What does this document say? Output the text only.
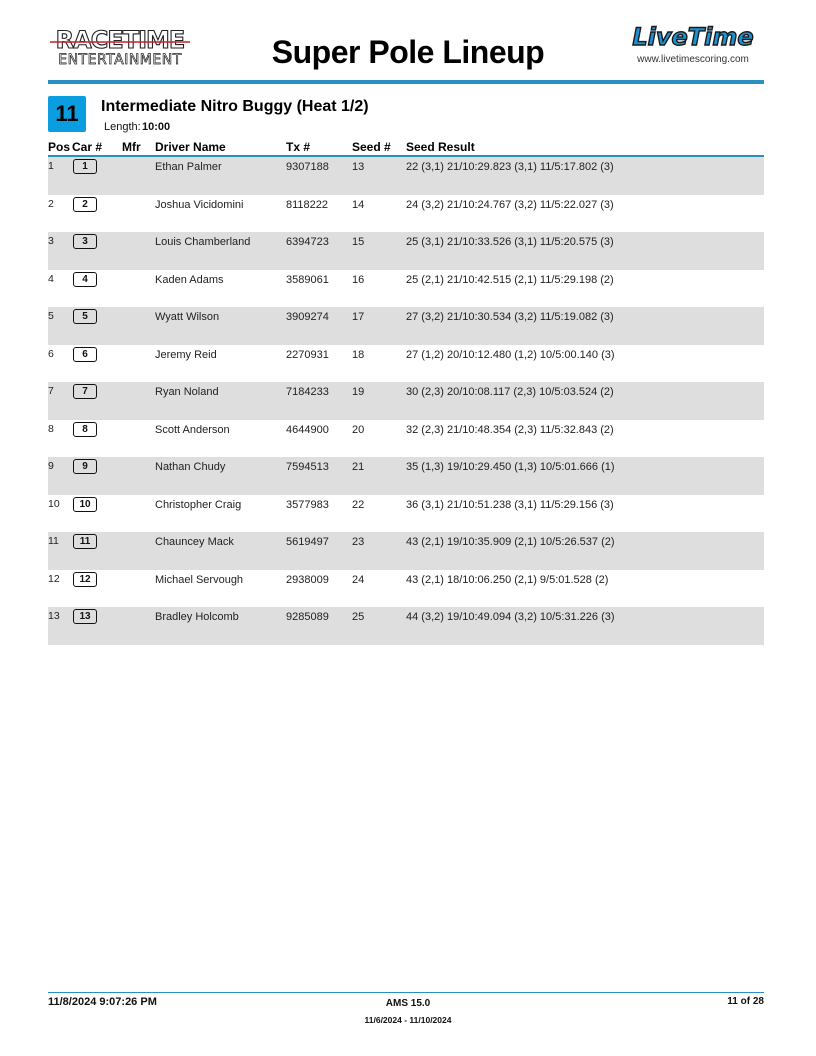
RACETIME
ENTERTAINMENT	Super Pole Lineup	LiveTime
www.livetimescoring.com
11	Intermediate Nitro Buggy (Heat 1/2)
Length: 10:00
Pos Car # Mfr Driver Name	Tx #	Seed # Seed Result
1	1	Ethan Palmer	9307188 13	22 (3,1) 21/10:29.823 (3,1) 11/5:17.802 (3)
2	2	Joshua Vicidomini	8118222 14	24 (3,2) 21/10:24.767 (3,2) 11/5:22.027 (3)
3	3	Louis Chamberland	6394723 15	25 (3,1) 21/10:33.526 (3,1) 11/5:20.575 (3)
4	4	Kaden Adams	3589061 16	25 (2,1) 21/10:42.515 (2,1) 11/5:29.198 (2)
5	5	Wyatt Wilson	3909274 17	27 (3,2) 21/10:30.534 (3,2) 11/5:19.082 (3)
6	6	Jeremy Reid	2270931 18	27 (1,2) 20/10:12.480 (1,2) 10/5:00.140 (3)
7	7	Ryan Noland	7184233 19	30 (2,3) 20/10:08.117 (2,3) 10/5:03.524 (2)
8	8	Scott Anderson	4644900 20	32 (2,3) 21/10:48.354 (2,3) 11/5:32.843 (2)
9	9	Nathan Chudy	7594513 21	35 (1,3) 19/10:29.450 (1,3) 10/5:01.666 (1)
10	10	Christopher Craig	3577983 22	36 (3,1) 21/10:51.238 (3,1) 11/5:29.156 (3)
11	11	Chauncey Mack	5619497 23	43 (2,1) 19/10:35.909 (2,1) 10/5:26.537 (2)
12	12	Michael Servough	2938009 24	43 (2,1) 18/10:06.250 (2,1) 9/5:01.528 (2)
13	13	Bradley Holcomb	9285089 25	44 (3,2) 19/10:49.094 (3,2) 10/5:31.226 (3)
11/8/2024 9:07:26 PM	AMS 15.0
11/6/2024 - 11/10/2024
11 of 28
